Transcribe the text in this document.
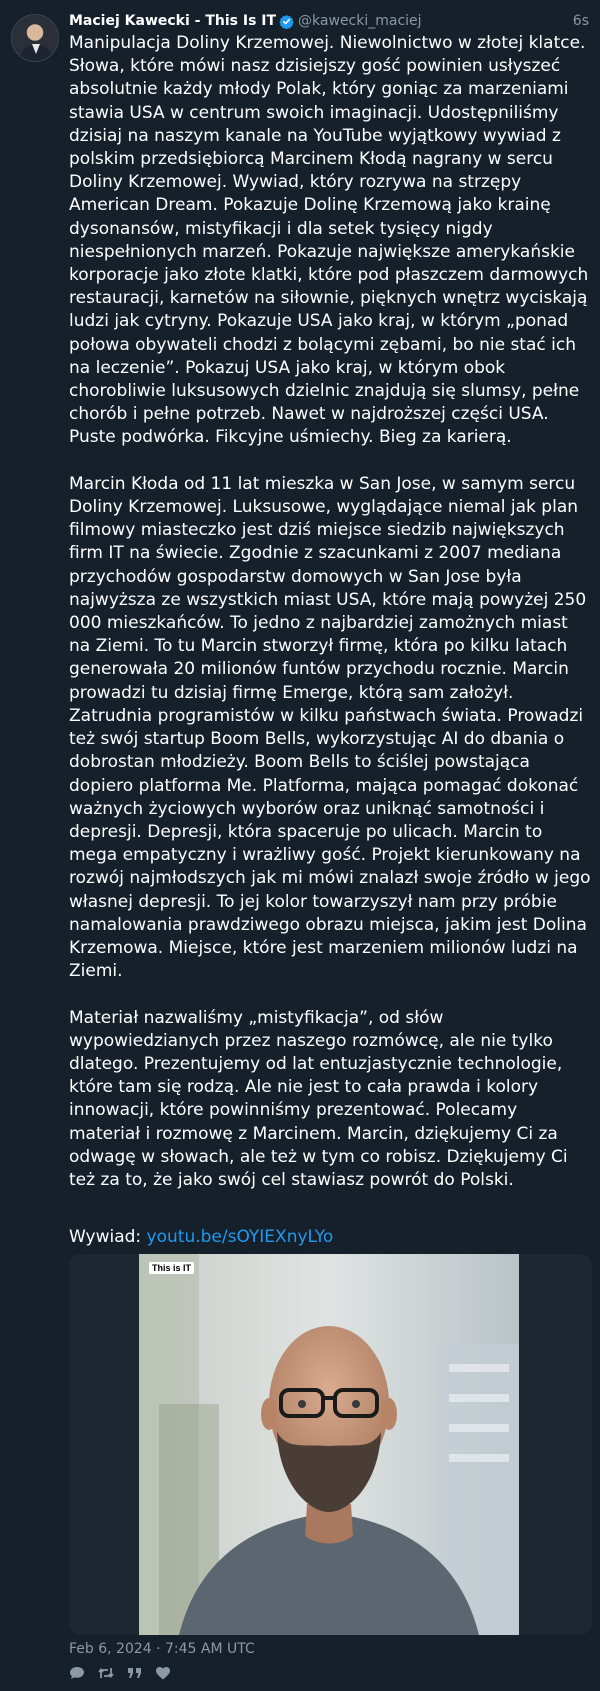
Maciej Kawecki - This Is IT @kawecki_maciej	6s
Manipulacja Doliny Krzemowej. Niewolnictwo w złotej klatce. Słowa, które mówi nasz dzisiejszy gość powinien usłyszeć absolutnie każdy młody Polak, który goniąc za marzeniami stawia USA w centrum swoich imaginacji. Udostępniliśmy dzisiaj na naszym kanale na YouTube wyjątkowy wywiad z polskim przedsiębiorcą Marcinem Kłodą nagrany w sercu Doliny Krzemowej. Wywiad, który rozrywa na strzępy American Dream. Pokazuje Dolinę Krzemową jako krainę dysonansów, mistyfikacji i dla setek tysięcy nigdy niespełnionych marzeń. Pokazuje największe amerykańskie korporacje jako złote klatki, które pod płaszczem darmowych restauracji, karnetów na siłownie, pięknych wnętrz wyciskają ludzi jak cytryny. Pokazuje USA jako kraj, w którym „ponad połowa obywateli chodzi z bolącymi zębami, bo nie stać ich na leczenie”. Pokazuj USA jako kraj, w którym obok chorobliwie luksusowych dzielnic znajdują się slumsy, pełne chorób i pełne potrzeb. Nawet w najdroższej części USA. Puste podwórka. Fikcyjne uśmiechy. Bieg za karierą.

Marcin Kłoda od 11 lat mieszka w San Jose, w samym sercu Doliny Krzemowej. Luksusowe, wyglądające niemal jak plan filmowy miasteczko jest dziś miejsce siedzib największych firm IT na świecie. Zgodnie z szacunkami z 2007 mediana przychodów gospodarstw domowych w San Jose była najwyższa ze wszystkich miast USA, które mają powyżej 250 000 mieszkańców. To jedno z najbardziej zamożnych miast na Ziemi. To tu Marcin stworzył firmę, która po kilku latach generowała 20 milionów funtów przychodu rocznie. Marcin prowadzi tu dzisiaj firmę Emerge, którą sam założył. Zatrudnia programistów w kilku państwach świata. Prowadzi też swój startup Boom Bells, wykorzystując AI do dbania o dobrostan młodzieży. Boom Bells to ściślej powstająca dopiero platforma Me. Platforma, mająca pomagać dokonać ważnych życiowych wyborów oraz uniknąć samotności i depresji. Depresji, która spaceruje po ulicach. Marcin to mega empatyczny i wrażliwy gość. Projekt kierunkowany na rozwój najmłodszych jak mi mówi znalazł swoje źródło w jego własnej depresji. To jej kolor towarzyszył nam przy próbie namalowania prawdziwego obrazu miejsca, jakim jest Dolina Krzemowa. Miejsce, które jest marzeniem milionów ludzi na Ziemi.

Materiał nazwaliśmy „mistyfikacja”, od słów wypowiedzianych przez naszego rozmówcę, ale nie tylko dlatego. Prezentujemy od lat entuzjastycznie technologie, które tam się rodzą. Ale nie jest to cała prawda i kolory innowacji, które powinniśmy prezentować. Polecamy materiał i rozmowę z Marcinem. Marcin, dziękujemy Ci za odwagę w słowach, ale też w tym co robisz. Dziękujemy Ci też za to, że jako swój cel stawiasz powrót do Polski.
Wywiad: youtu.be/sOYIEXnyLYo
This is IT
Feb 6, 2024 · 7:45 AM UTC
